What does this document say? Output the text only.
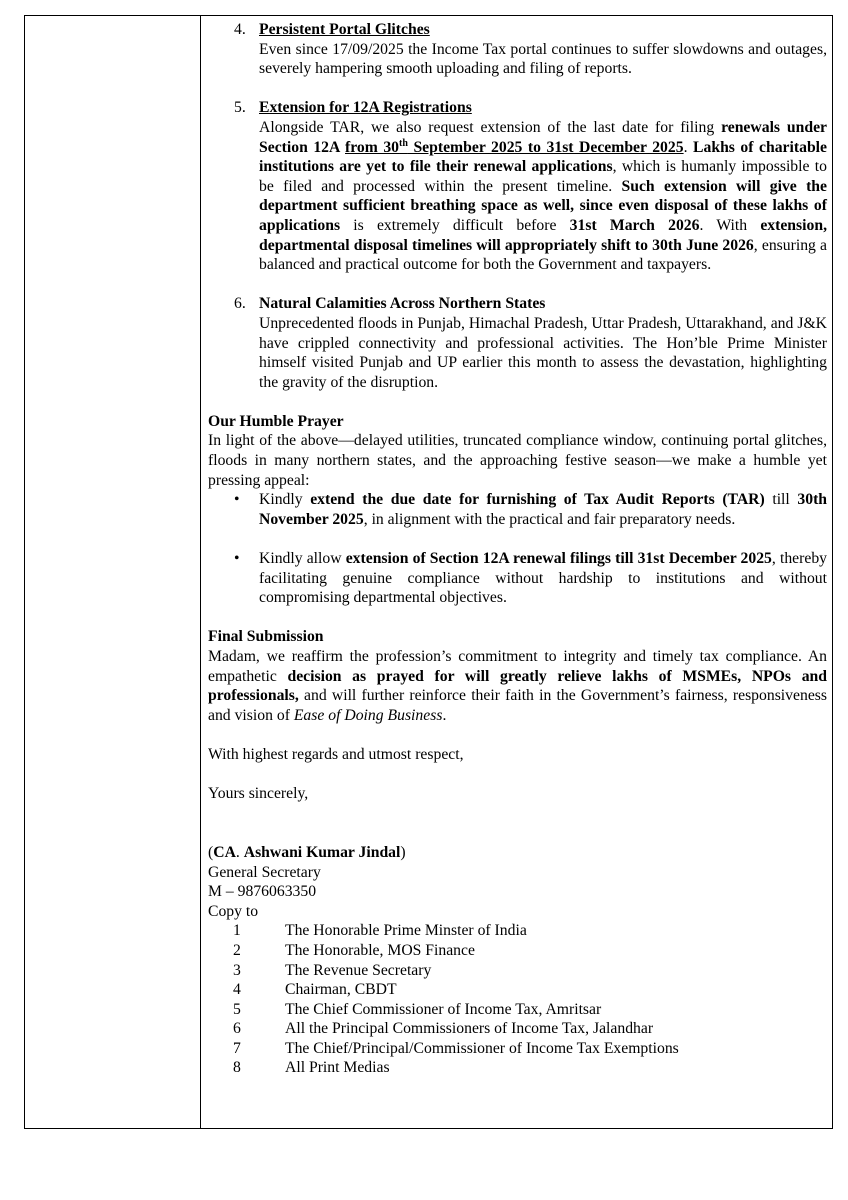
4. Persistent Portal Glitches

Even since 17/09/2025 the Income Tax portal continues to suffer slowdowns and outages, severely hampering smooth uploading and filing of reports.

5. Extension for 12A Registrations

Alongside TAR, we also request extension of the last date for filing renewals under Section 12A from 30th September 2025 to 31st December 2025. Lakhs of charitable institutions are yet to file their renewal applications, which is humanly impossible to be filed and processed within the present timeline. Such extension will give the department sufficient breathing space as well, since even disposal of these lakhs of applications is extremely difficult before 31st March 2026. With extension, departmental disposal timelines will appropriately shift to 30th June 2026, ensuring a balanced and practical outcome for both the Government and taxpayers.

6. Natural Calamities Across Northern States

Unprecedented floods in Punjab, Himachal Pradesh, Uttar Pradesh, Uttarakhand, and J&K have crippled connectivity and professional activities. The Hon’ble Prime Minister himself visited Punjab and UP earlier this month to assess the devastation, highlighting the gravity of the disruption.

Our Humble Prayer

In light of the above—delayed utilities, truncated compliance window, continuing portal glitches, floods in many northern states, and the approaching festive season—we make a humble yet pressing appeal:

• Kindly extend the due date for furnishing of Tax Audit Reports (TAR) till 30th November 2025, in alignment with the practical and fair preparatory needs.

• Kindly allow extension of Section 12A renewal filings till 31st December 2025, thereby facilitating genuine compliance without hardship to institutions and without compromising departmental objectives.

Final Submission

Madam, we reaffirm the profession’s commitment to integrity and timely tax compliance. An empathetic decision as prayed for will greatly relieve lakhs of MSMEs, NPOs and professionals, and will further reinforce their faith in the Government’s fairness, responsiveness and vision of Ease of Doing Business.

With highest regards and utmost respect,

Yours sincerely,

(CA. Ashwani Kumar Jindal)

General Secretary

M – 9876063350

Copy to

1	The Honorable Prime Minster of India
2	The Honorable, MOS Finance
3	The Revenue Secretary
4	Chairman, CBDT
5	The Chief Commissioner of Income Tax, Amritsar
6	All the Principal Commissioners of Income Tax, Jalandhar
7	The Chief/Principal/Commissioner of Income Tax Exemptions
8	All Print Medias
